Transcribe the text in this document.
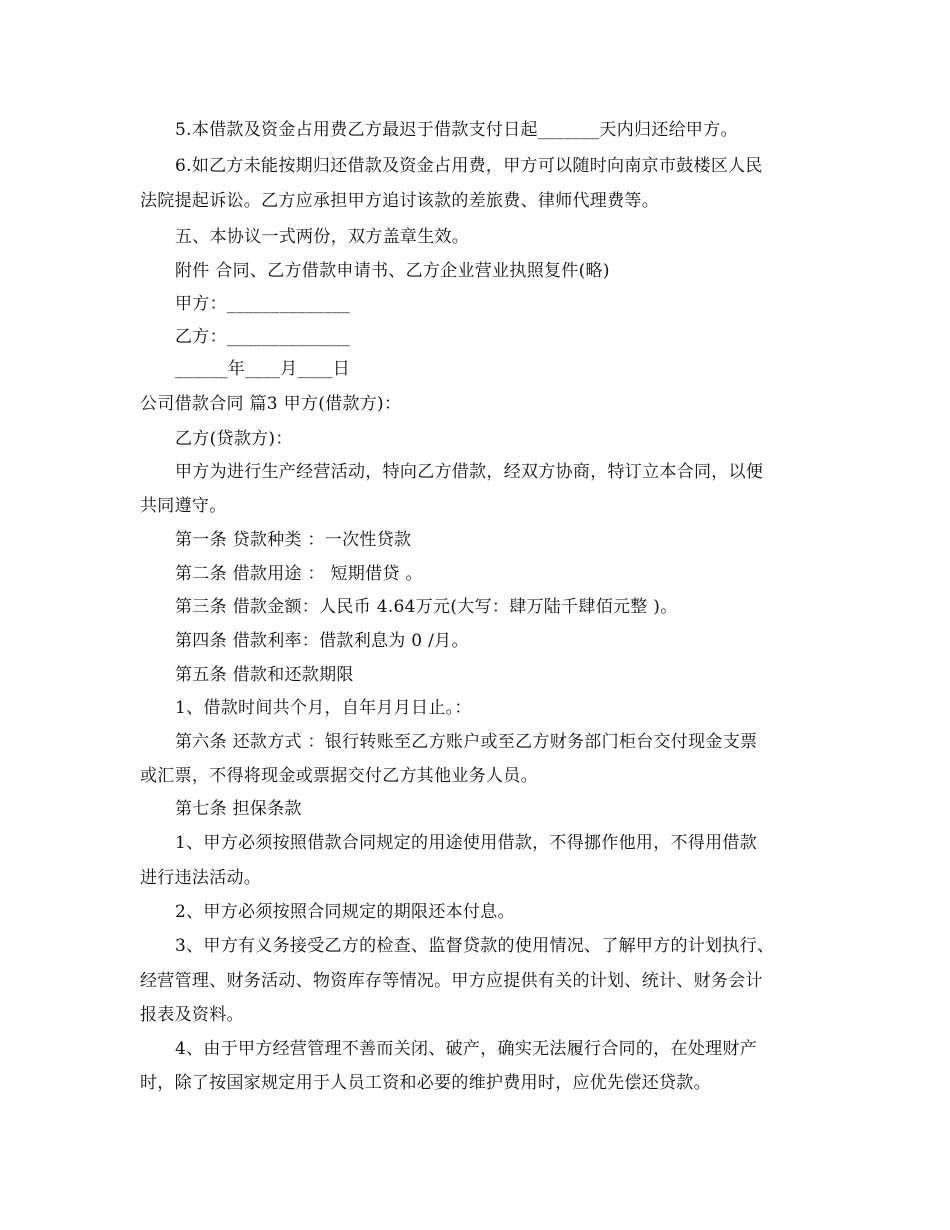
5.本借款及资金占用费乙方最迟于借款支付日起_______天内归还给甲方。
6.如乙方未能按期归还借款及资金占用费，甲方可以随时向南京市鼓楼区人民
法院提起诉讼。乙方应承担甲方追讨该款的差旅费、律师代理费等。
五、本协议一式两份，双方盖章生效。
附件 合同、乙方借款申请书、乙方企业营业执照复件(略)
甲方：______________
乙方：______________
______年____月____日
公司借款合同 篇3 甲方(借款方)：
乙方(贷款方)：
甲方为进行生产经营活动，特向乙方借款，经双方协商，特订立本合同，以便
共同遵守。
第一条 贷款种类 ：一次性贷款
第二条 借款用途 ： 短期借贷 。
第三条 借款金额：人民币 4.64万元(大写：肆万陆千肆佰元整 )。
第四条 借款利率：借款利息为 0 /月。
第五条 借款和还款期限
1、借款时间共个月，自年月月日止。：
第六条 还款方式 ：银行转账至乙方账户或至乙方财务部门柜台交付现金支票
或汇票，不得将现金或票据交付乙方其他业务人员。
第七条 担保条款
1、甲方必须按照借款合同规定的用途使用借款，不得挪作他用，不得用借款
进行违法活动。
2、甲方必须按照合同规定的期限还本付息。
3、甲方有义务接受乙方的检查、监督贷款的使用情况、了解甲方的计划执行、
经营管理、财务活动、物资库存等情况。甲方应提供有关的计划、统计、财务会计
报表及资料。
4、由于甲方经营管理不善而关闭、破产，确实无法履行合同的，在处理财产
时，除了按国家规定用于人员工资和必要的维护费用时，应优先偿还贷款。
